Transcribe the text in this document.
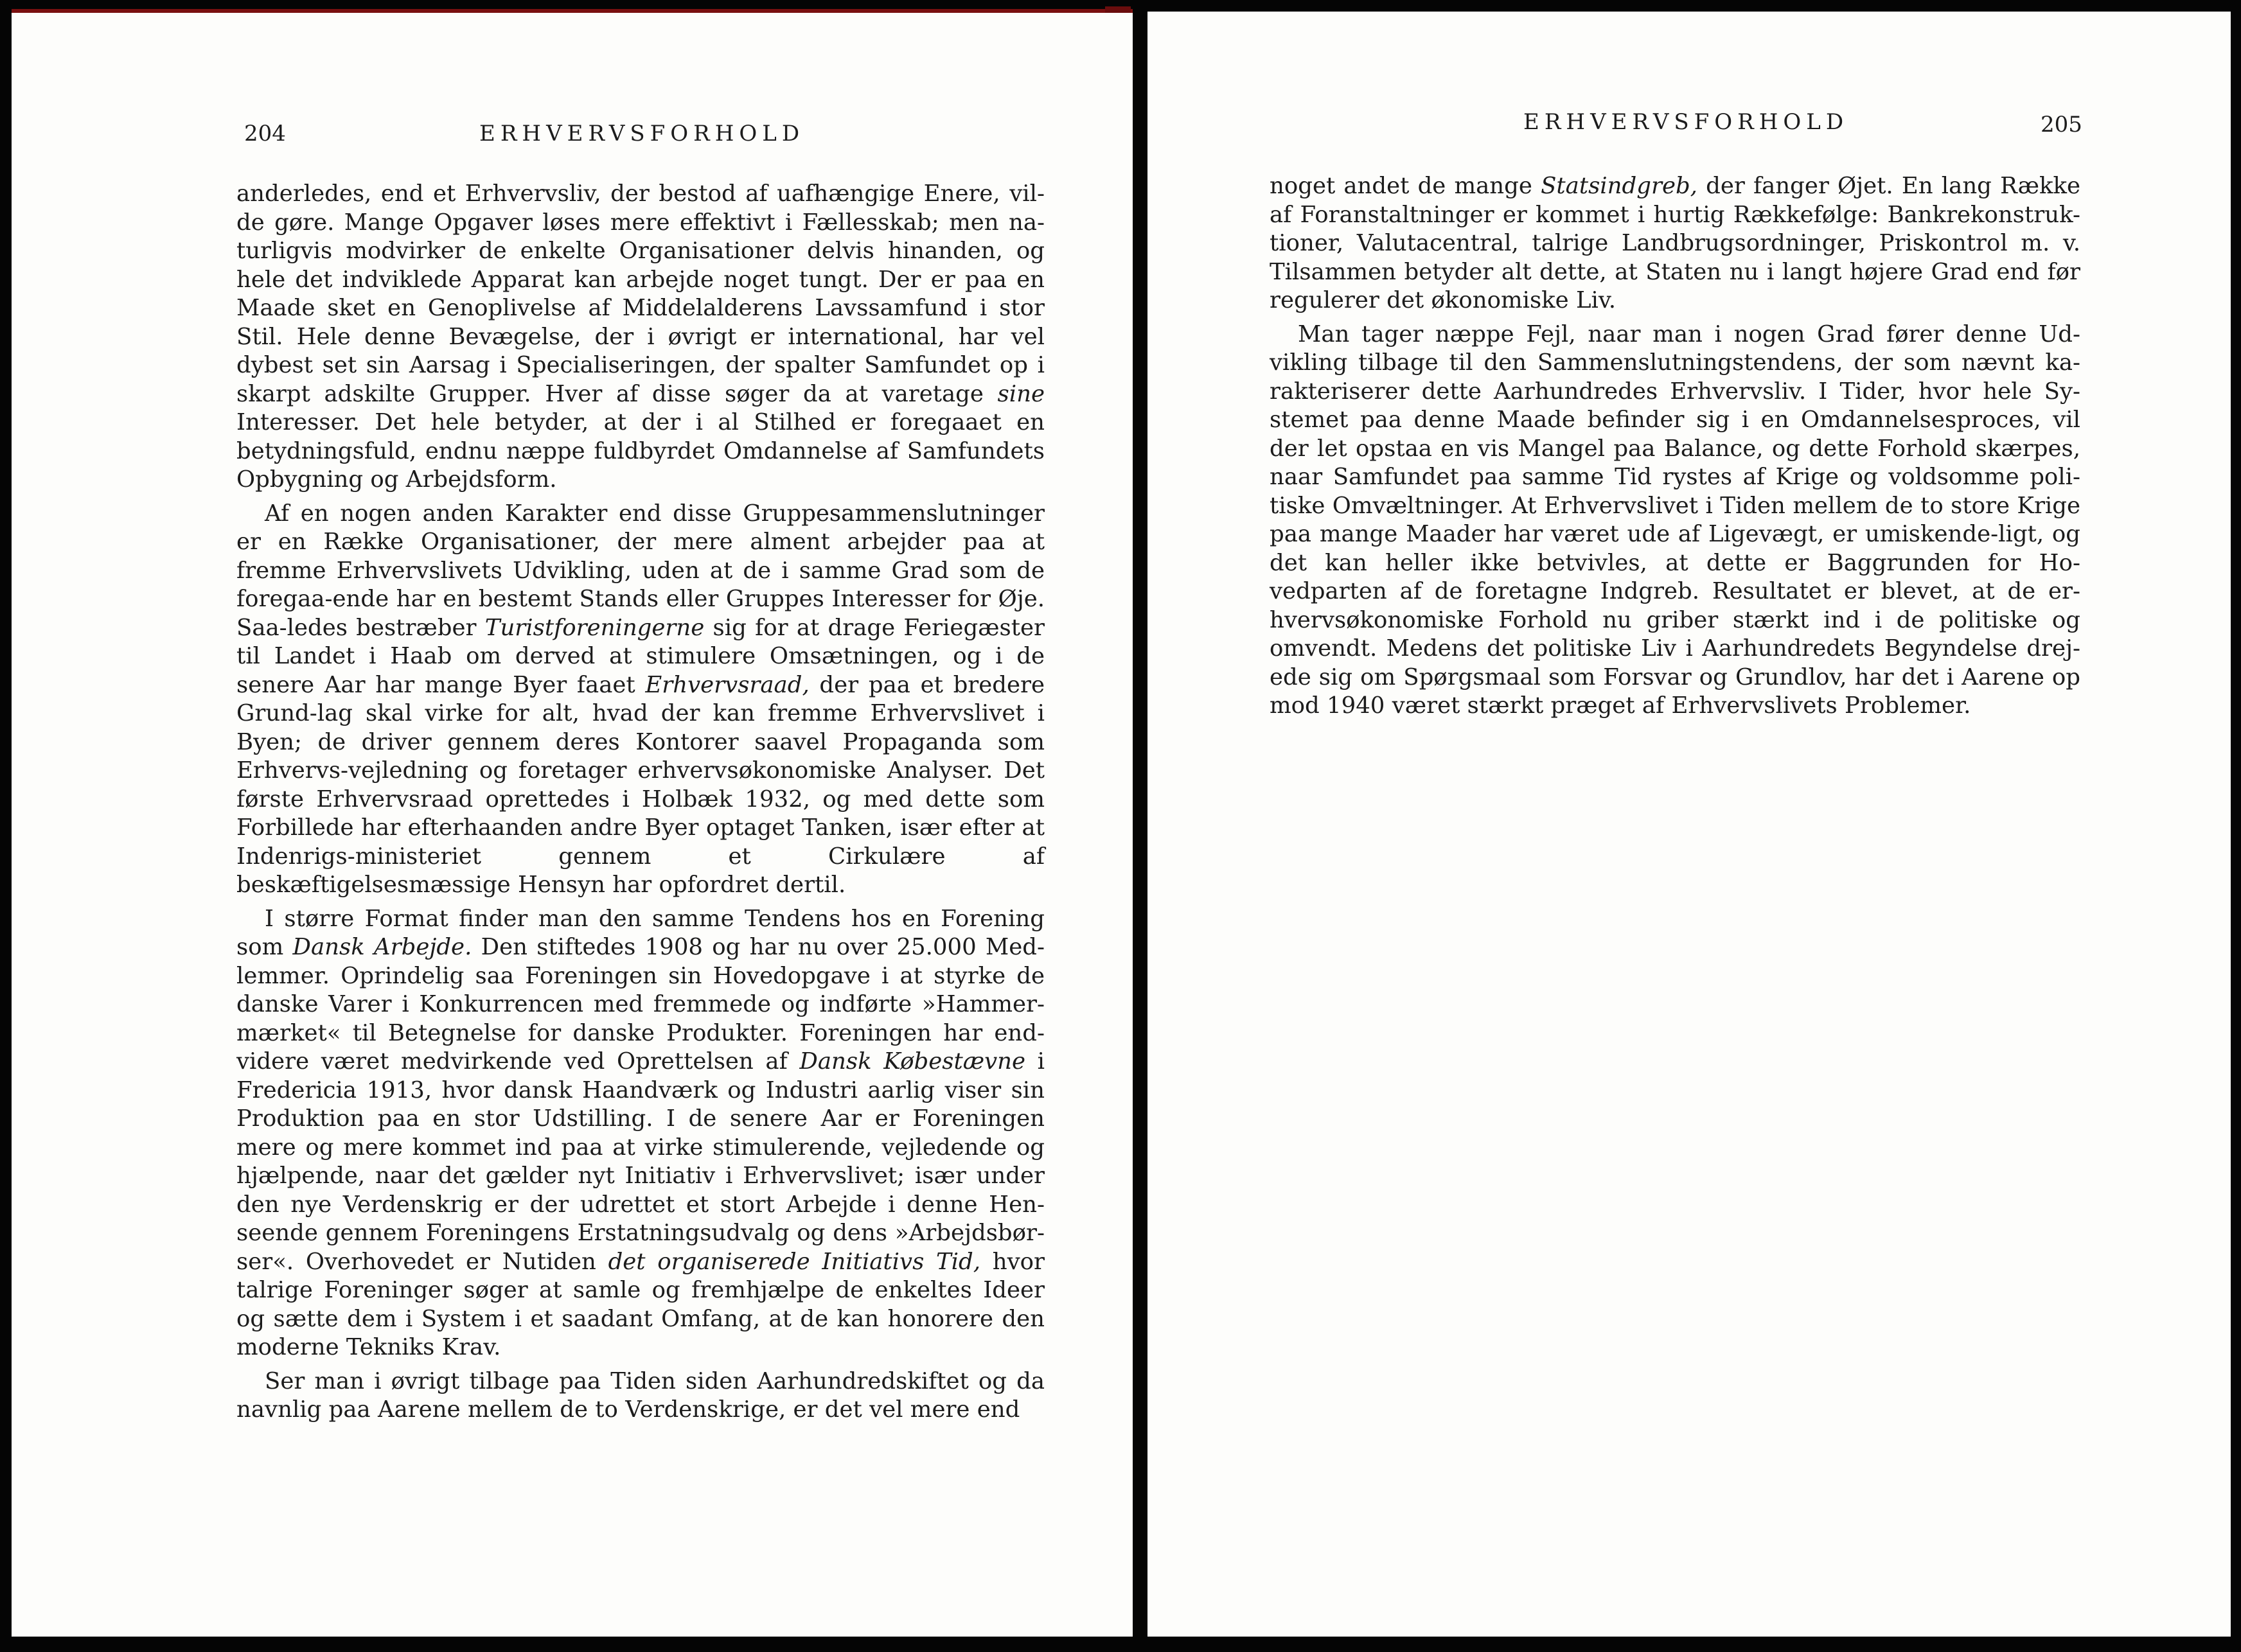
204	ERHVERVSFORHOLD

anderledes, end et Erhvervsliv, der bestod af uafhængige Enere, vil-de gøre. Mange Opgaver løses mere effektivt i Fællesskab; men na-turligvis modvirker de enkelte Organisationer delvis hinanden, og hele det indviklede Apparat kan arbejde noget tungt. Der er paa en Maade sket en Genoplivelse af Middelalderens Lavssamfund i stor Stil. Hele denne Bevægelse, der i øvrigt er international, har vel dybest set sin Aarsag i Specialiseringen, der spalter Samfundet op i skarpt adskilte Grupper. Hver af disse søger da at varetage sine Interesser. Det hele betyder, at der i al Stilhed er foregaaet en betydningsfuld, endnu næppe fuldbyrdet Omdannelse af Samfundets Opbygning og Arbejdsform.

Af en nogen anden Karakter end disse Gruppesammenslutninger er en Række Organisationer, der mere alment arbejder paa at fremme Erhvervslivets Udvikling, uden at de i samme Grad som de foregaa-ende har en bestemt Stands eller Gruppes Interesser for Øje. Saa-ledes bestræber Turistforeningerne sig for at drage Feriegæster til Landet i Haab om derved at stimulere Omsætningen, og i de senere Aar har mange Byer faaet Erhvervsraad, der paa et bredere Grund-lag skal virke for alt, hvad der kan fremme Erhvervslivet i Byen; de driver gennem deres Kontorer saavel Propaganda som Erhvervs-vejledning og foretager erhvervsøkonomiske Analyser. Det første Erhvervsraad oprettedes i Holbæk 1932, og med dette som Forbillede har efterhaanden andre Byer optaget Tanken, især efter at Indenrigs-ministeriet gennem et Cirkulære af beskæftigelsesmæssige Hensyn har opfordret dertil.

I større Format finder man den samme Tendens hos en Forening som Dansk Arbejde. Den stiftedes 1908 og har nu over 25.000 Med-lemmer. Oprindelig saa Foreningen sin Hovedopgave i at styrke de danske Varer i Konkurrencen med fremmede og indførte »Hammer-mærket« til Betegnelse for danske Produkter. Foreningen har end-videre været medvirkende ved Oprettelsen af Dansk Købestævne i Fredericia 1913, hvor dansk Haandværk og Industri aarlig viser sin Produktion paa en stor Udstilling. I de senere Aar er Foreningen mere og mere kommet ind paa at virke stimulerende, vejledende og hjælpende, naar det gælder nyt Initiativ i Erhvervslivet; især under den nye Verdenskrig er der udrettet et stort Arbejde i denne Hen-seende gennem Foreningens Erstatningsudvalg og dens »Arbejdsbør-ser«. Overhovedet er Nutiden det organiserede Initiativs Tid, hvor talrige Foreninger søger at samle og fremhjælpe de enkeltes Ideer og sætte dem i System i et saadant Omfang, at de kan honorere den moderne Tekniks Krav.

Ser man i øvrigt tilbage paa Tiden siden Aarhundredskiftet og da navnlig paa Aarene mellem de to Verdenskrige, er det vel mere end

ERHVERVSFORHOLD	205

noget andet de mange Statsindgreb, der fanger Øjet. En lang Række af Foranstaltninger er kommet i hurtig Rækkefølge: Bankrekonstruk-tioner, Valutacentral, talrige Landbrugsordninger, Priskontrol m. v. Tilsammen betyder alt dette, at Staten nu i langt højere Grad end før regulerer det økonomiske Liv.

Man tager næppe Fejl, naar man i nogen Grad fører denne Ud-vikling tilbage til den Sammenslutningstendens, der som nævnt ka-rakteriserer dette Aarhundredes Erhvervsliv. I Tider, hvor hele Sy-stemet paa denne Maade befinder sig i en Omdannelsesproces, vil der let opstaa en vis Mangel paa Balance, og dette Forhold skærpes, naar Samfundet paa samme Tid rystes af Krige og voldsomme poli-tiske Omvæltninger. At Erhvervslivet i Tiden mellem de to store Krige paa mange Maader har været ude af Ligevægt, er umiskende-ligt, og det kan heller ikke betvivles, at dette er Baggrunden for Ho-vedparten af de foretagne Indgreb. Resultatet er blevet, at de er-hvervsøkonomiske Forhold nu griber stærkt ind i de politiske og omvendt. Medens det politiske Liv i Aarhundredets Begyndelse drej-ede sig om Spørgsmaal som Forsvar og Grundlov, har det i Aarene op mod 1940 været stærkt præget af Erhvervslivets Problemer.
